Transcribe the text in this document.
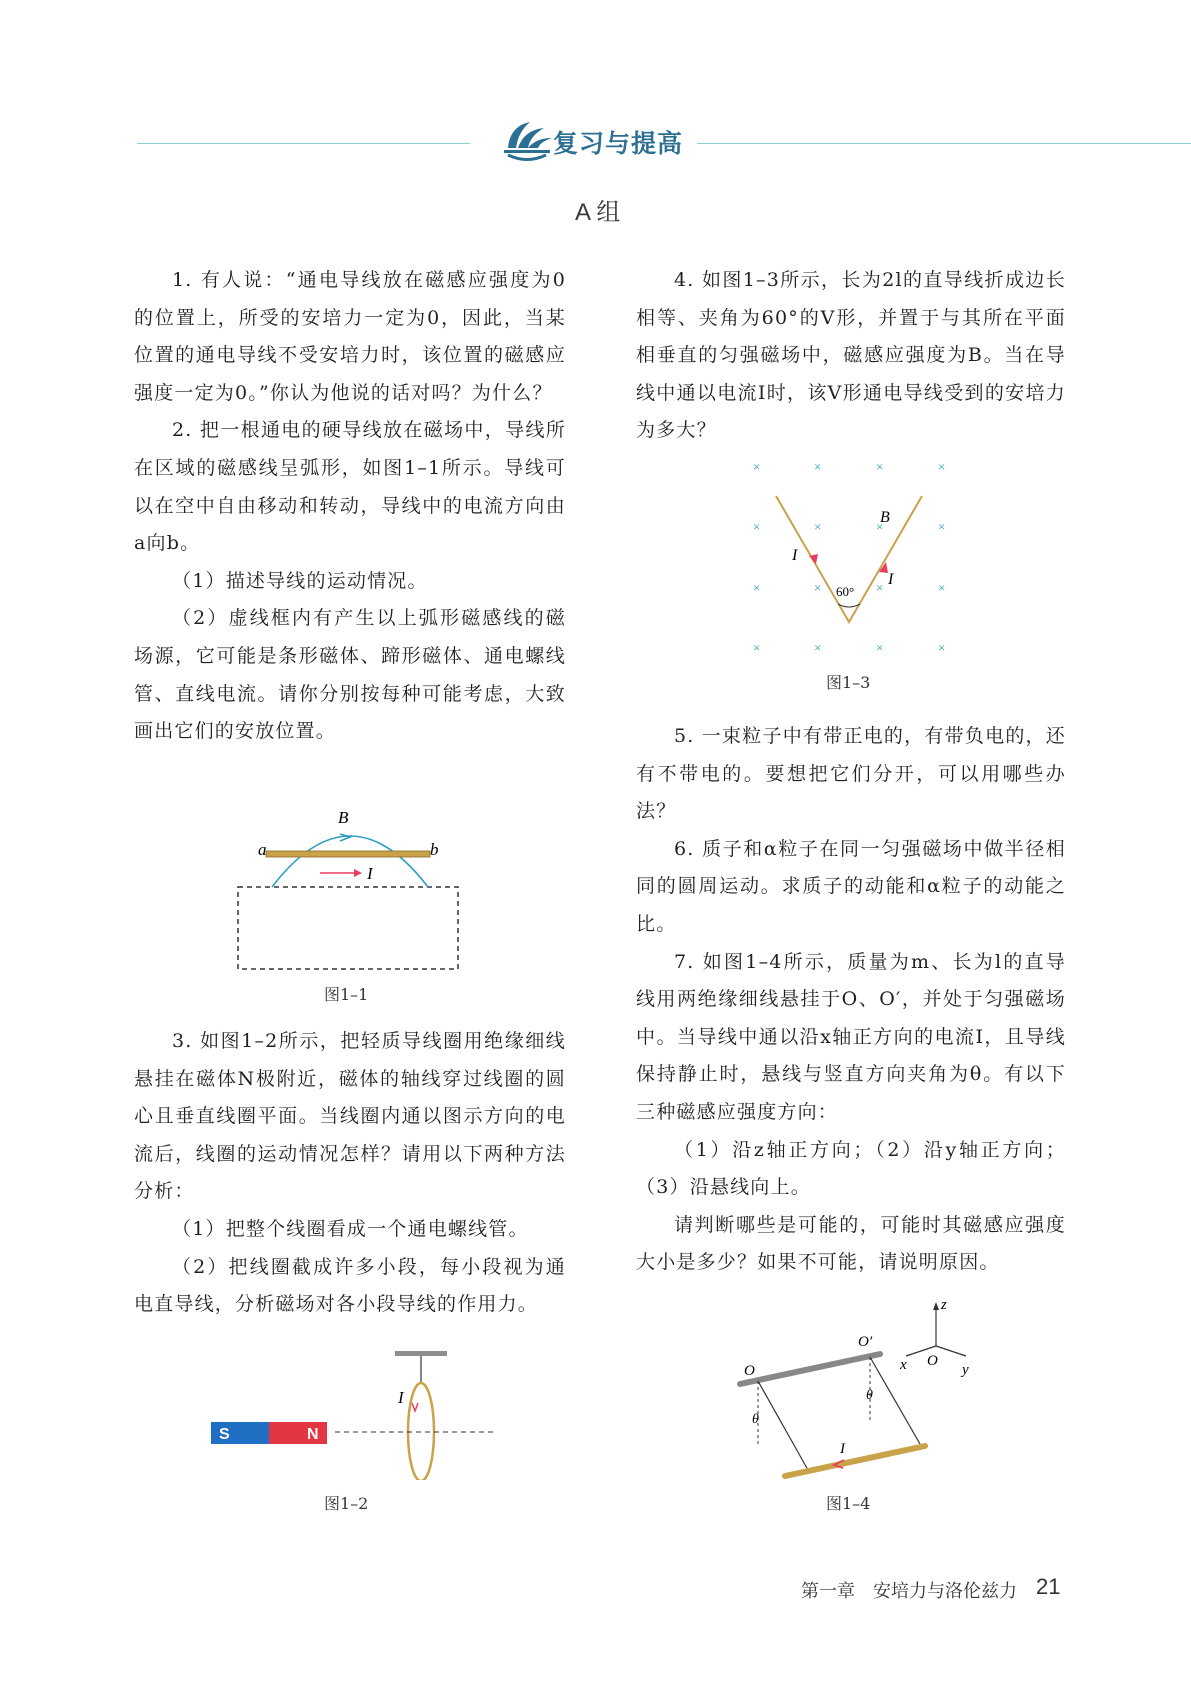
复习与提高
A 组

1. 有人说：“通电导线放在磁感应强度为0的位置上，所受的安培力一定为0，因此，当某位置的通电导线不受安培力时，该位置的磁感应强度一定为0。”你认为他说的话对吗？为什么？

2. 把一根通电的硬导线放在磁场中，导线所在区域的磁感线呈弧形，如图1–1所示。导线可以在空中自由移动和转动，导线中的电流方向由a向b。

（1）描述导线的运动情况。

（2）虚线框内有产生以上弧形磁感线的磁场源，它可能是条形磁体、蹄形磁体、通电螺线管、直线电流。请你分别按每种可能考虑，大致画出它们的安放位置。

B
a	b
I
图1–1

3. 如图1–2所示，把轻质导线圈用绝缘细线悬挂在磁体N极附近，磁体的轴线穿过线圈的圆心且垂直线圈平面。当线圈内通以图示方向的电流后，线圈的运动情况怎样？请用以下两种方法分析：

（1）把整个线圈看成一个通电螺线管。

（2）把线圈截成许多小段，每小段视为通电直导线，分析磁场对各小段导线的作用力。

S	N
I
图1–2

4. 如图1–3所示，长为2l的直导线折成边长相等、夹角为60°的V形，并置于与其所在平面相垂直的匀强磁场中，磁感应强度为B。当在导线中通以电流I时，该V形通电导线受到的安培力为多大？

×	×	×	×
×	×	×	×
×	×	×	×
×	×	×	×
B
I
I
60°
图1–3

5. 一束粒子中有带正电的，有带负电的，还有不带电的。要想把它们分开，可以用哪些办法？

6. 质子和α粒子在同一匀强磁场中做半径相同的圆周运动。求质子的动能和α粒子的动能之比。

7. 如图1–4所示，质量为m、长为l的直导线用两绝缘细线悬挂于O、O′，并处于匀强磁场中。当导线中通以沿x轴正方向的电流I，且导线保持静止时，悬线与竖直方向夹角为θ。有以下三种磁感应强度方向：

（1）沿z轴正方向；（2）沿y轴正方向；（3）沿悬线向上。

请判断哪些是可能的，可能时其磁感应强度大小是多少？如果不可能，请说明原因。

z
x	y
O
I
O
O′
θ
θ
图1–4
第一章　安培力与洛伦兹力 21
